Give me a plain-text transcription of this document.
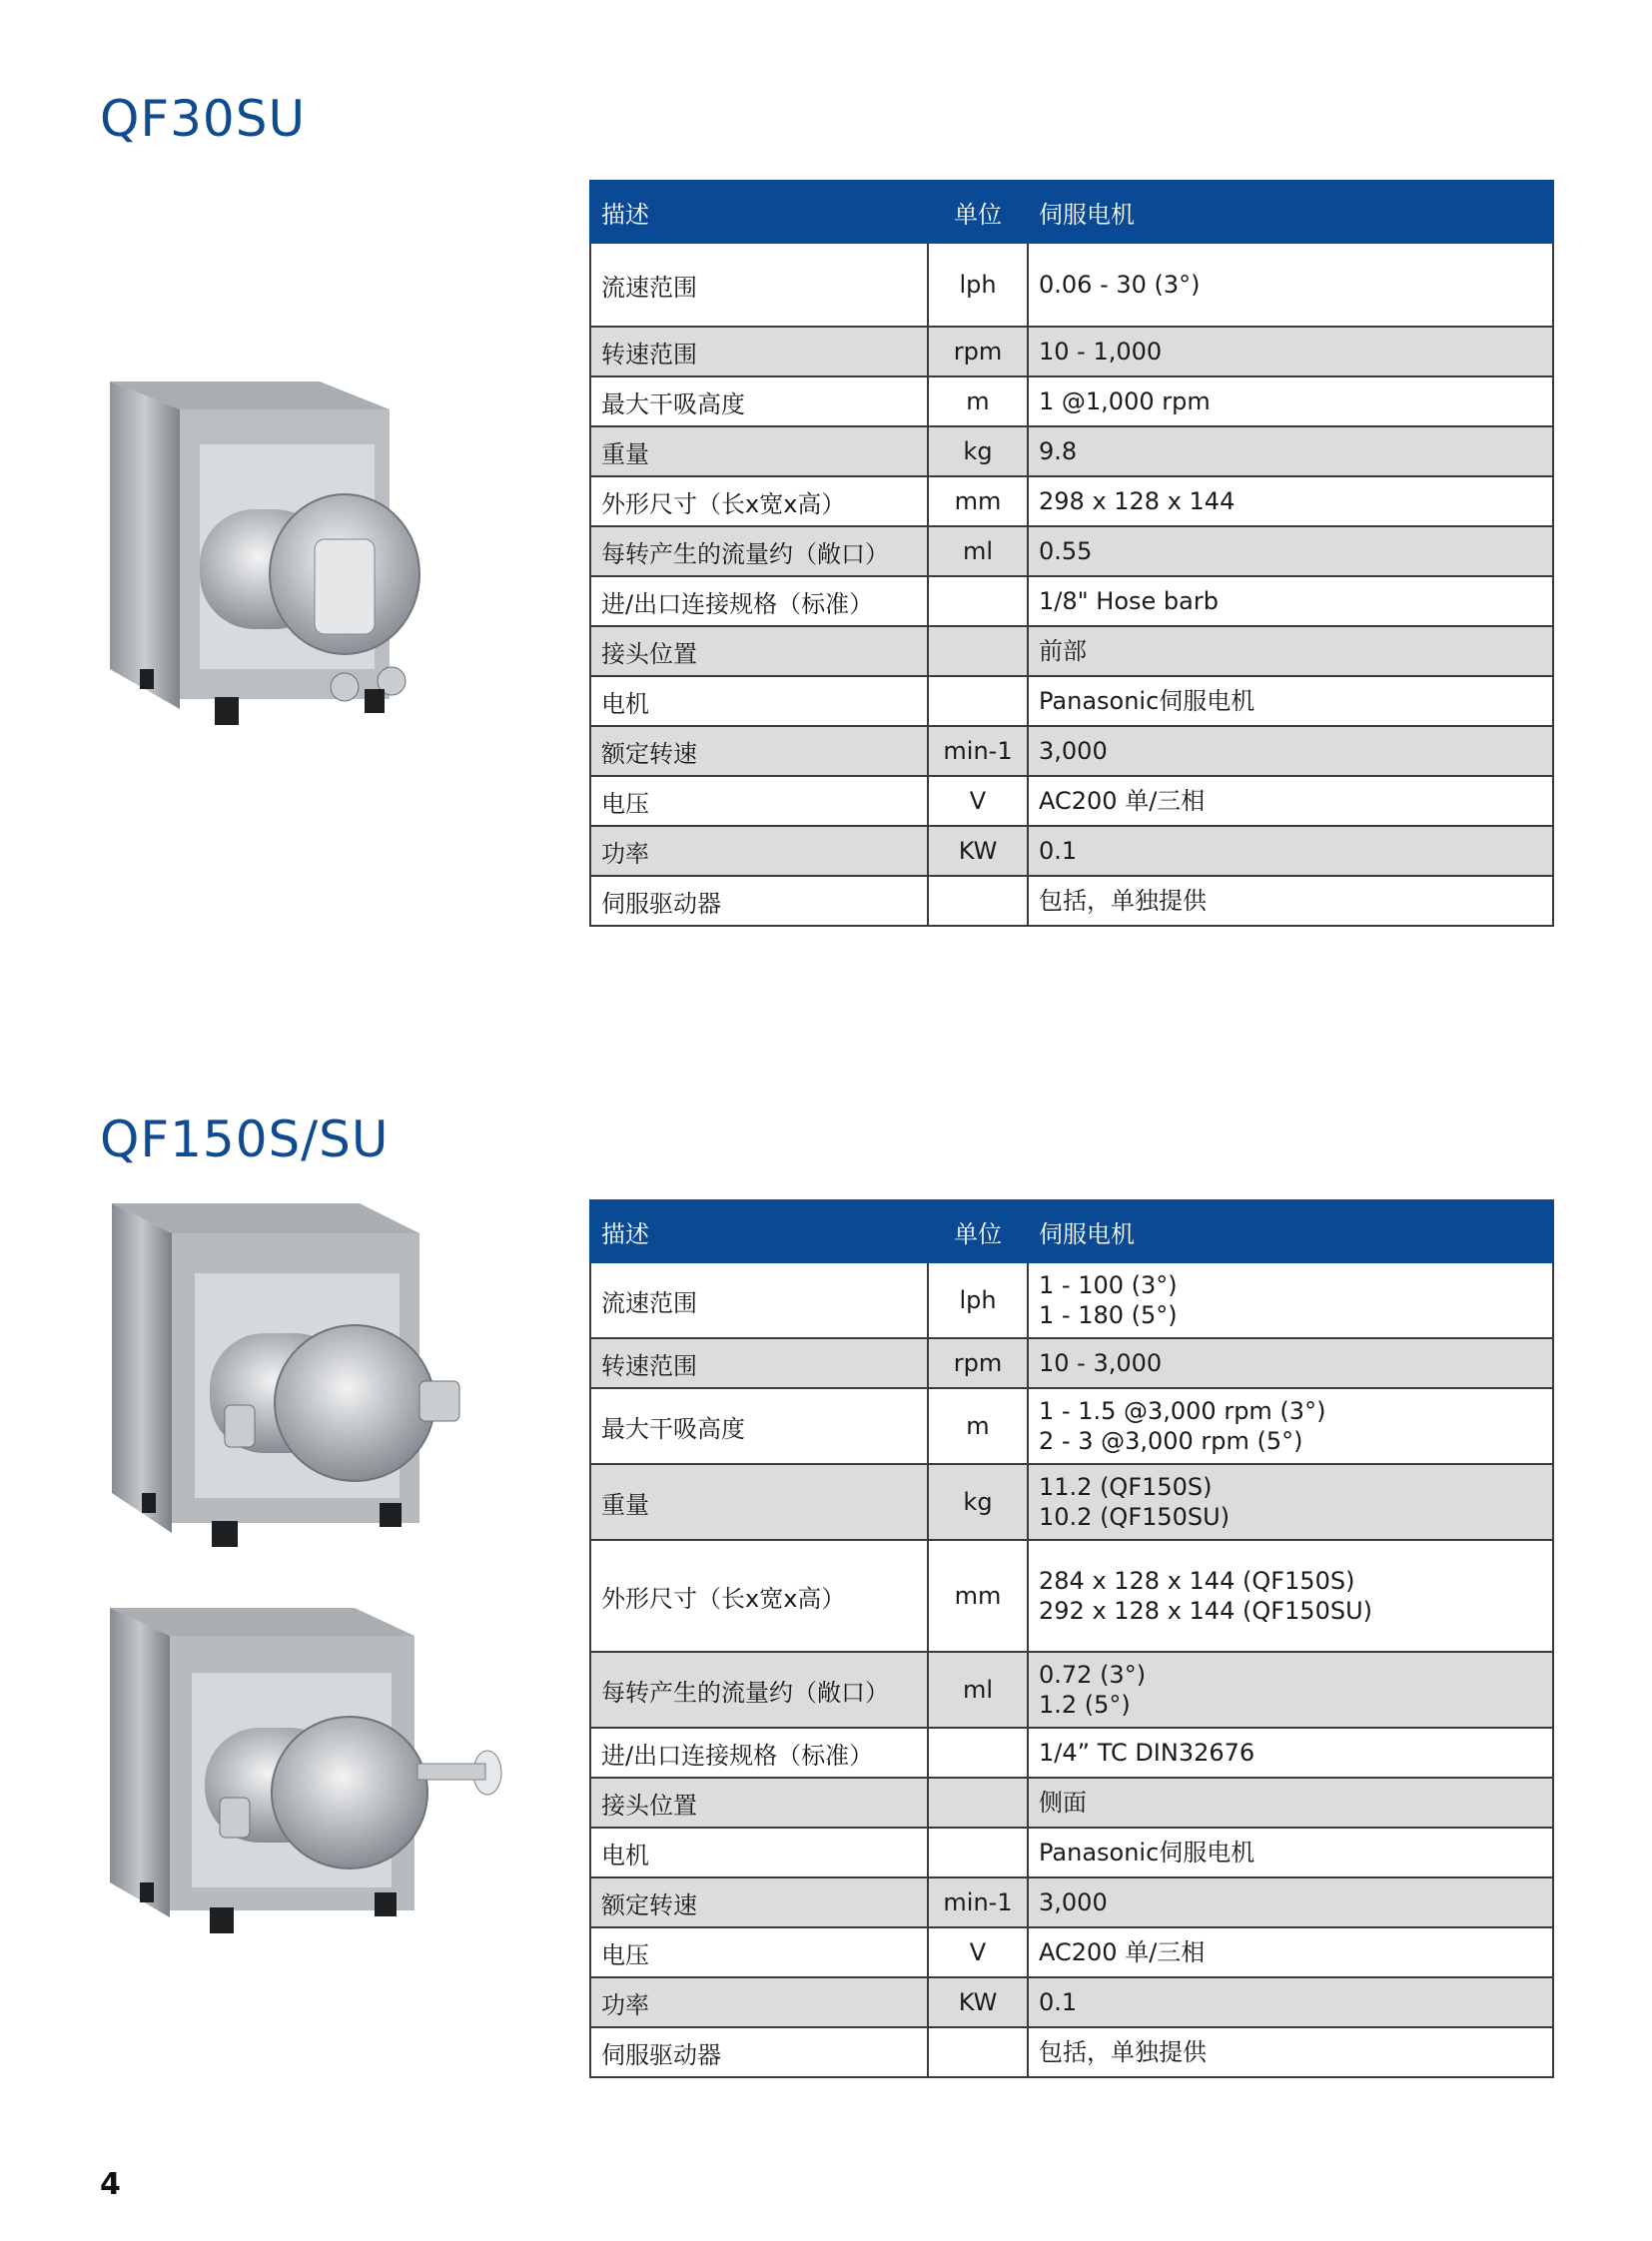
QF30SU
QF150S/SU
描述	单位	伺服电机
流速范围	lph	0.06 - 30 (3°)

转速范围	rpm	10 - 1,000

最大干吸高度	m	1 @1,000 rpm

重量	kg	9.8

外形尺寸（长x宽x高）	mm	298 x 128 x 144

每转产生的流量约（敞口）	ml	0.55

进/出口连接规格（标准）		1/8" Hose barb

接头位置		前部

电机		Panasonic伺服电机

额定转速	min-1	3,000

电压	V	AC200 单/三相

功率	KW	0.1

伺服驱动器		包括，单独提供
描述	单位	伺服电机
流速范围	lph	1 - 100 (3°)
1 - 180 (5°)

转速范围	rpm	10 - 3,000

最大干吸高度	m	1 - 1.5 @3,000 rpm (3°)
2 - 3 @3,000 rpm (5°)

重量	kg	11.2 (QF150S)
10.2 (QF150SU)

外形尺寸（长x宽x高）	mm	284 x 128 x 144 (QF150S)
292 x 128 x 144 (QF150SU)

每转产生的流量约（敞口）	ml	0.72 (3°)
1.2 (5°)

进/出口连接规格（标准）		1/4” TC DIN32676

接头位置		侧面

电机		Panasonic伺服电机

额定转速	min-1	3,000

电压	V	AC200 单/三相

功率	KW	0.1

伺服驱动器		包括，单独提供
4
